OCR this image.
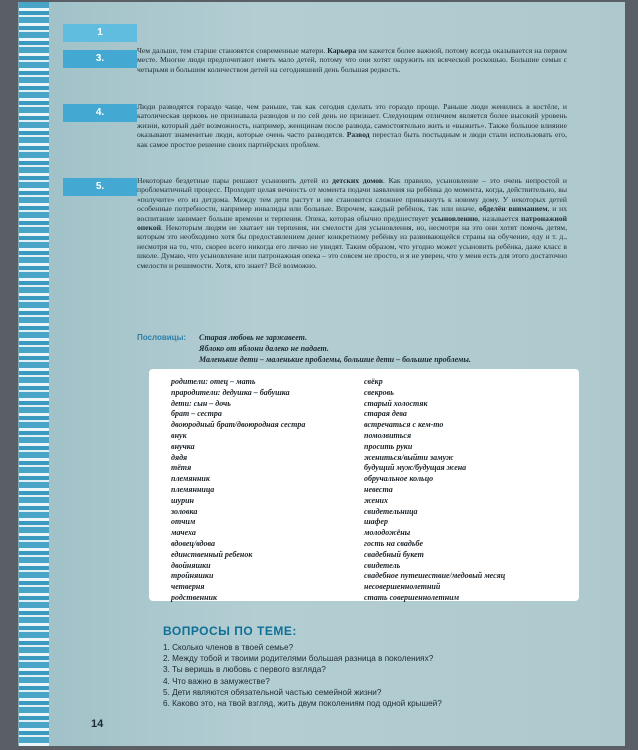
1
3.
4.
5.
Чем дальше, тем старше становятся современные матери. Карьера им кажется более важной, потому всегда оказывается на первом месте. Многие люди предпочитают иметь мало детей, потому что они хотят окружить их всяческой роскошью. Большие семьи с четырьмя и большим количеством детей на сегодняшний день большая редкость.
Люди разводятся гораздо чаще, чем раньше, так как сегодня сделать это гораздо проще. Раньше люди женились в костёле, и католическая церковь не признавала разводов и по сей день не признает. Следующим отличием является более высокий уровень жизни, который даёт возможность, например, женщинам после развода, самостоятельно жить и «выжить». Также большое влияние оказывают знаменитые люди, которые очень часто разводятся. Развод перестал быть постыдным и люди стали использовать его, как самое простое решение своих партнёрских проблем.
Некоторые бездетные пары решают усыновить детей из детских домов. Как правило, усыновление – это очень непростой и проблематичный процесс. Проходит целая вечность от момента подачи заявления на ребёнка до момента, когда, действительно, вы «получите» его из детдома. Между тем дети растут и им становится сложнее привыкнуть к новому дому. У некоторых детей особенные потребности, например инвалиды или больные. Впрочем, каждый ребёнок, так или иначе, обделён вниманием, и их воспитание занимает больше времени и терпения. Опека, которая обычно предшествует усыновлению, называется патронажной опекой. Некоторым людям не хватает ни терпения, ни смелости для усыновления, но, несмотря на это они хотят помочь детям, которым это необходимо хотя бы предоставлением денег конкретному ребёнку из развивающейся страны на обучение, еду и т. д., несмотря на то, что, скорее всего никогда его лично не увидят. Таким образом, что угодно может усыновить ребёнка, даже класс в школе. Думаю, что усыновление или патронажная опека – это совсем не просто, и я не уверен, что у меня есть для этого достаточно смелости и решимости. Хотя, кто знает? Всё возможно.
Пословицы: Старая любовь не заржавеет.
Яблоко от яблони далеко не падает.
Маленькие дети – маленькие проблемы, большие дети – большие проблемы.
родители: отец – мать
прародители: дедушка – бабушка
дети: сын – дочь
брат – сестра
двоюродный брат/двоюродная сестра
внук
внучка
дядя
тётя
племянник
племянница
шурин
золовка
отчим
мачеха
вдовец/вдова
единственный ребенок
двойняшки
тройняшки
четверня
родственник
свёкр
свекровь
старый холостяк
старая дева
встречаться с кем-то
помолвиться
просить руки
жениться/выйти замуж
будущий муж/будущая жена
обручальное кольцо
невеста
жених
свидетельница
шафер
молодожёны
гость на свадьбе
свадебный букет
свидетель
свадебное путешествие/медовый месяц
несовершеннолетний
стать совершеннолетним
ВОПРОСЫ ПО ТЕМЕ:
1. Сколько членов в твоей семье?
2. Между тобой и твоими родителями большая разница в поколениях?
3. Ты веришь в любовь с первого взгляда?
4. Что важно в замужестве?
5. Дети являются обязательной частью семейной жизни?
6. Каково это, на твой взгляд, жить двум поколениям под одной крышей?
14
